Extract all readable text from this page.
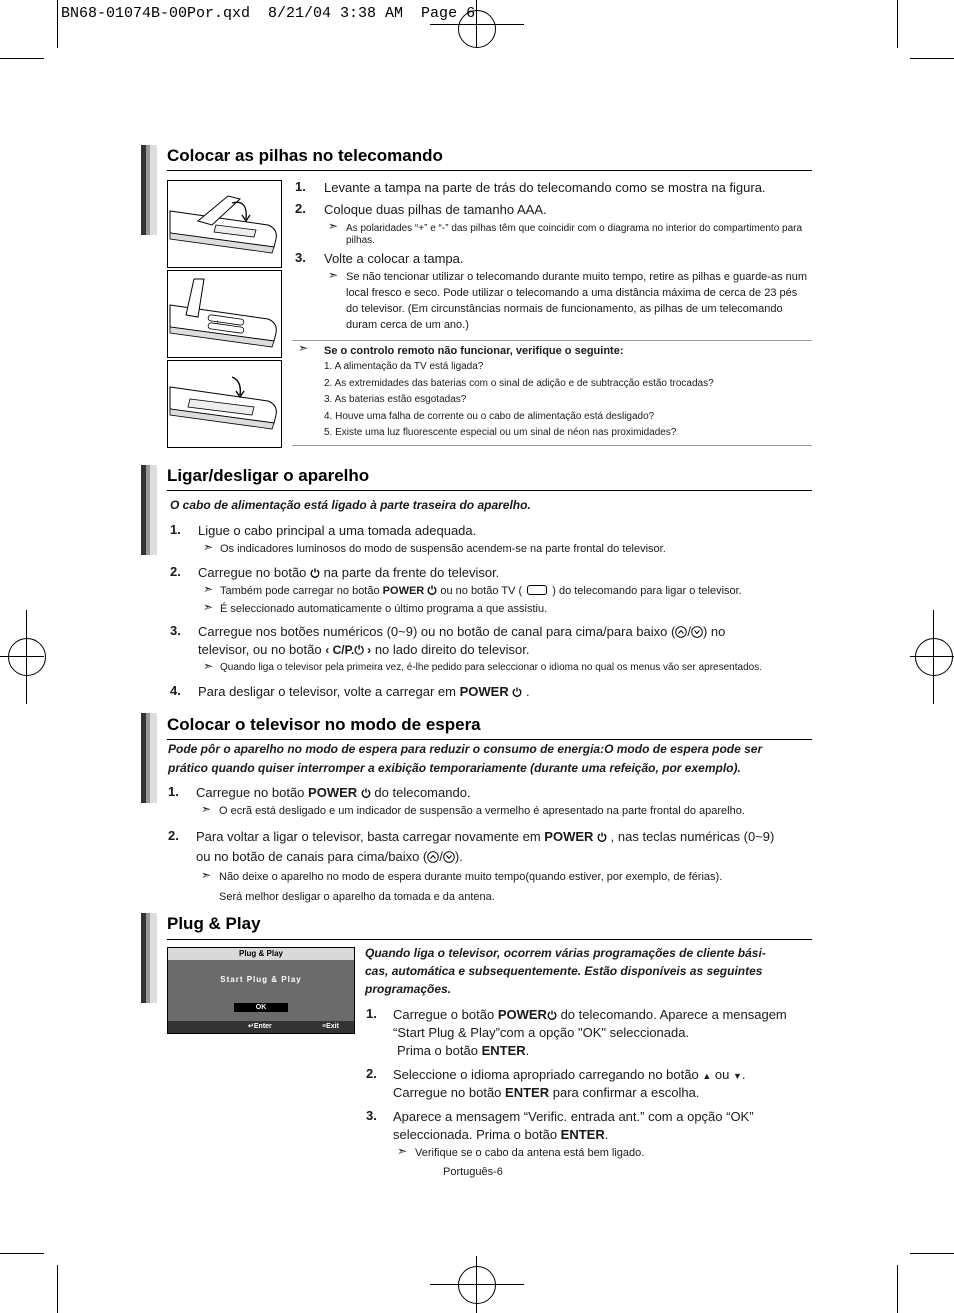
BN68-01074B-00Por.qxd  8/21/04 3:38 AM  Page 6
Colocar as pilhas no telecomando
+
1. Levante a tampa na parte de trás do telecomando como se mostra na figura.
2. Coloque duas pilhas de tamanho AAA.
➣ As polaridades “+” e “-” das pilhas têm que coincidir com o diagrama no interior do compartimento para pilhas.
3. Volte a colocar a tampa.
➣ Se não tencionar utilizar o telecomando durante muito tempo, retire as pilhas e guarde-as num local fresco e seco. Pode utilizar o telecomando a uma distância máxima de cerca de 23 pés do televisor. (Em circunstâncias normais de funcionamento, as pilhas de um telecomando duram cerca de um ano.)
➣ Se o controlo remoto não funcionar, verifique o seguinte:
1. A alimentação da TV está ligada?
2. As extremidades das baterias com o sinal de adição e de subtracção estão trocadas?
3. As baterias estão esgotadas?
4. Houve uma falha de corrente ou o cabo de alimentação está desligado?
5. Existe uma luz fluorescente especial ou um sinal de néon nas proximidades?
Ligar/desligar o aparelho
O cabo de alimentação está ligado à parte traseira do aparelho.
1. Ligue o cabo principal a uma tomada adequada.
➣ Os indicadores luminosos do modo de suspensão acendem-se na parte frontal do televisor.
2. Carregue no botão na parte da frente do televisor.
➣ Também pode carregar no botão POWER ou no botão TV (	) do telecomando para ligar o televisor.
➣ É seleccionado automaticamente o último programa a que assistiu.
3. Carregue nos botões numéricos (0~9) ou no botão de canal para cima/para baixo ( / ) no
televisor, ou no botão ‹ C/P.⏻ › no lado direito do televisor.
➣ Quando liga o televisor pela primeira vez, é-lhe pedido para seleccionar o idioma no qual os menus vão ser apresentados.
4. Para desligar o televisor, volte a carregar em POWER .
Colocar o televisor no modo de espera
Pode pôr o aparelho no modo de espera para reduzir o consumo de energia:O modo de espera pode ser
prático quando quiser interromper a exibição temporariamente (durante uma refeição, por exemplo).
1. Carregue no botão POWER do telecomando.
➣ O ecrã está desligado e um indicador de suspensão a vermelho é apresentado na parte frontal do aparelho.
2. Para voltar a ligar o televisor, basta carregar novamente em POWER , nas teclas numéricas (0~9)
ou no botão de canais para cima/baixo ( / ).
➣ Não deixe o aparelho no modo de espera durante muito tempo(quando estiver, por exemplo, de férias).
Será melhor desligar o aparelho da tomada e da antena.
Plug & Play
Plug & Play
Start Plug & Play
OK
↵Enter	≡Exit
Quando liga o televisor, ocorrem várias programações de cliente bási-
cas, automática e subsequentemente. Estão disponíveis as seguintes
programações.
1. Carregue o botão POWER do telecomando. Aparece a mensagem
“Start Plug & Play”com a opção "OK" seleccionada.
Prima o botão ENTER.
2. Seleccione o idioma apropriado carregando no botão ▲ ou ▼.
Carregue no botão ENTER para confirmar a escolha.
3. Aparece a mensagem “Verific. entrada ant.” com a opção “OK”
seleccionada. Prima o botão ENTER.
➣ Verifique se o cabo da antena está bem ligado.
Português-6
